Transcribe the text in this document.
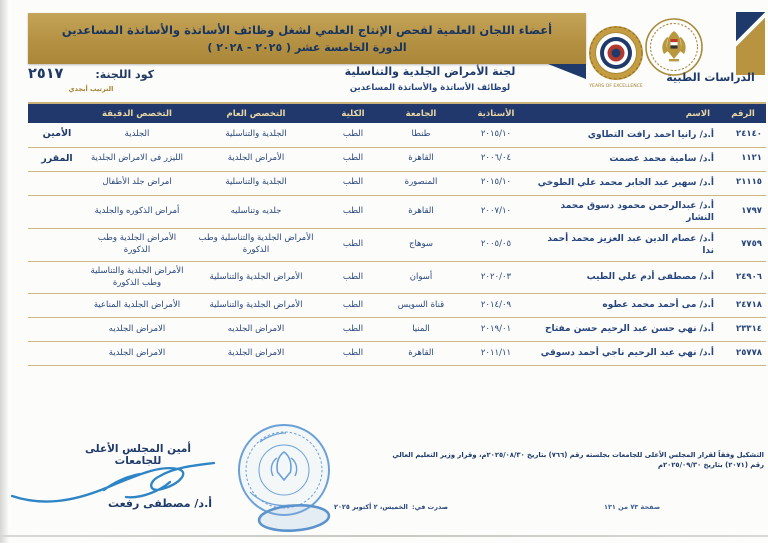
أعضاء اللجان العلمية لفحص الإنتاج العلمي لشغل وظائف الأساتذة والأساتذة المساعدين
الدورة الخامسة عشر ( ٢٠٢٥ - ٢٠٢٨ )
YEARS OF EXCELLENCE
الدراسات الطبية
لجنة الأمراض الجلدية والتناسلية
لوظائف الأساتذة والأساتذة المساعدين
كود اللجنة:
٢٥١٧
الترتيب أبجدي
الرقم	الاسم	الأستاذية	الجامعة	الكلية	التخصص العام	التخصص الدقيقة	
٢٤١٤٠	أ.د/ رانيا احمد رافت التطاوي	٢٠١٥/١٠	طنطا	الطب	الجلدية والتناسلية	الجلدية	الأمين
١١٢١	أ.د/ سامية محمد عصمت	٢٠٠٦/٠٤	القاهرة	الطب	الأمراض الجلدية	الليزر فى الامراض الجلدية	المقرر
٢١١١٥	أ.د/ سهير عبد الجابر محمد علي الطوخي	٢٠١٥/١٠	المنصورة	الطب	الجلدية والتناسلية	امراض جلد الأطفال	
١٧٩٧	أ.د/ عبدالرحمن محمود دسوق محمد النشار	٢٠٠٧/١٠	القاهرة	الطب	جلديه وتناسليه	أمراض الذكوره والجلدية	
٧٧٥٩	أ.د/ عصام الدين عبد العزيز محمد أحمد ندا	٢٠٠٥/٠٥	سوهاج	الطب	الأمراض الجلدية والتناسلية وطب الذكورة	الأمراض الجلدية وطب الذكورة	
٢٤٩٠٦	أ.د/ مصطفى أدم علي الطيب	٢٠٢٠/٠٣	أسوان	الطب	الأمراض الجلدية والتناسلية	الأمراض الجلدية والتناسلية وطب الذكورة	
٢٤٧١٨	أ.د/ مى أحمد محمد عطوه	٢٠١٤/٠٩	قناة السويس	الطب	الأمراض الجلدية والتناسلية	الأمراض الجلدية المناعية	
٢٣٣١٤	أ.د/ نهي حسن عبد الرحيم حسن مفتاح	٢٠١٩/٠١	المنيا	الطب	الامراض الجلديه	الامراض الجلديه	
٢٥٧٧٨	أ.د/ نهي عبد الرحيم ناجي أحمد دسوقي	٢٠١١/١١	القاهرة	الطب	الامراض الجلدية	الامراض الجلدية	
التشكيل وفقاً لقرار المجلس الأعلى للجامعات بجلسته رقم (٧٦٦) بتاريخ ٢٠٢٥/٠٨/٣٠م، وقرار وزير التعليم العالي رقم (٢٠٧١) بتاريخ ٢٠٢٥/٠٩/٣٠م
أمين المجلس الأعلى للجامعات
أ.د/ مصطفى رفعت	صدرت في:
الخميس، ٢ أكتوبر ٢٠٢٥	صفحة ٧٣ من ١٣١
